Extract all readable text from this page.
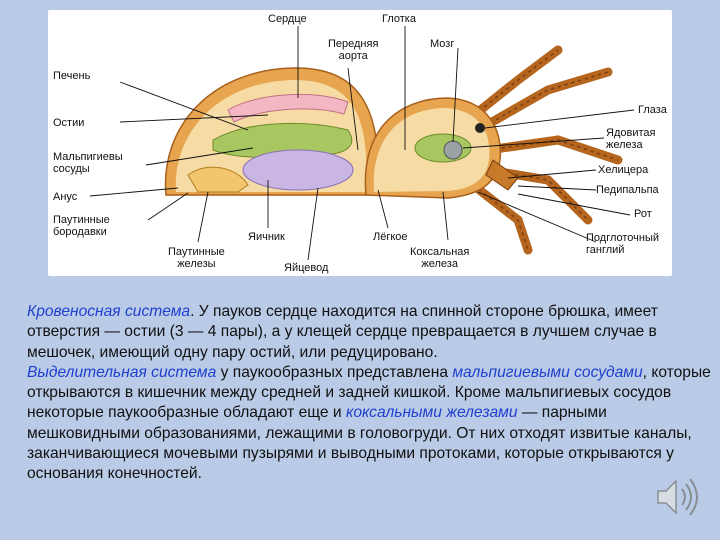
Сердце	Глотка
Передняя
аорта
Мозг
Печень
Остии
Мальпигиевы
сосуды
Анус
Паутинные
бородавки
Паутинные
железы
Яичник
Яйцевод
Лёгкое
Коксальная
железа
Глаза
Ядовитая
железа
Хелицера
Педипальпа
Рот
Подглоточный
ганглий

Кровеносная система. У пауков сердце находится на спинной стороне брюшка, имеет отверстия — остии (3 — 4 пары), а у клещей сердце превращается в лучшем случае в мешочек, имеющий одну пару остий, или редуцировано.

Выделительная система у паукообразных представлена мальпигиевыми сосудами, которые открываются в кишечник между средней и задней кишкой. Кроме мальпигиевых сосудов некоторые паукообразные обладают еще и коксальными железами — парными мешковидными образованиями, лежащими в головогруди. От них отходят извитые каналы, заканчивающиеся мочевыми пузырями и выводными протоками, которые открываются у основания конечностей.
